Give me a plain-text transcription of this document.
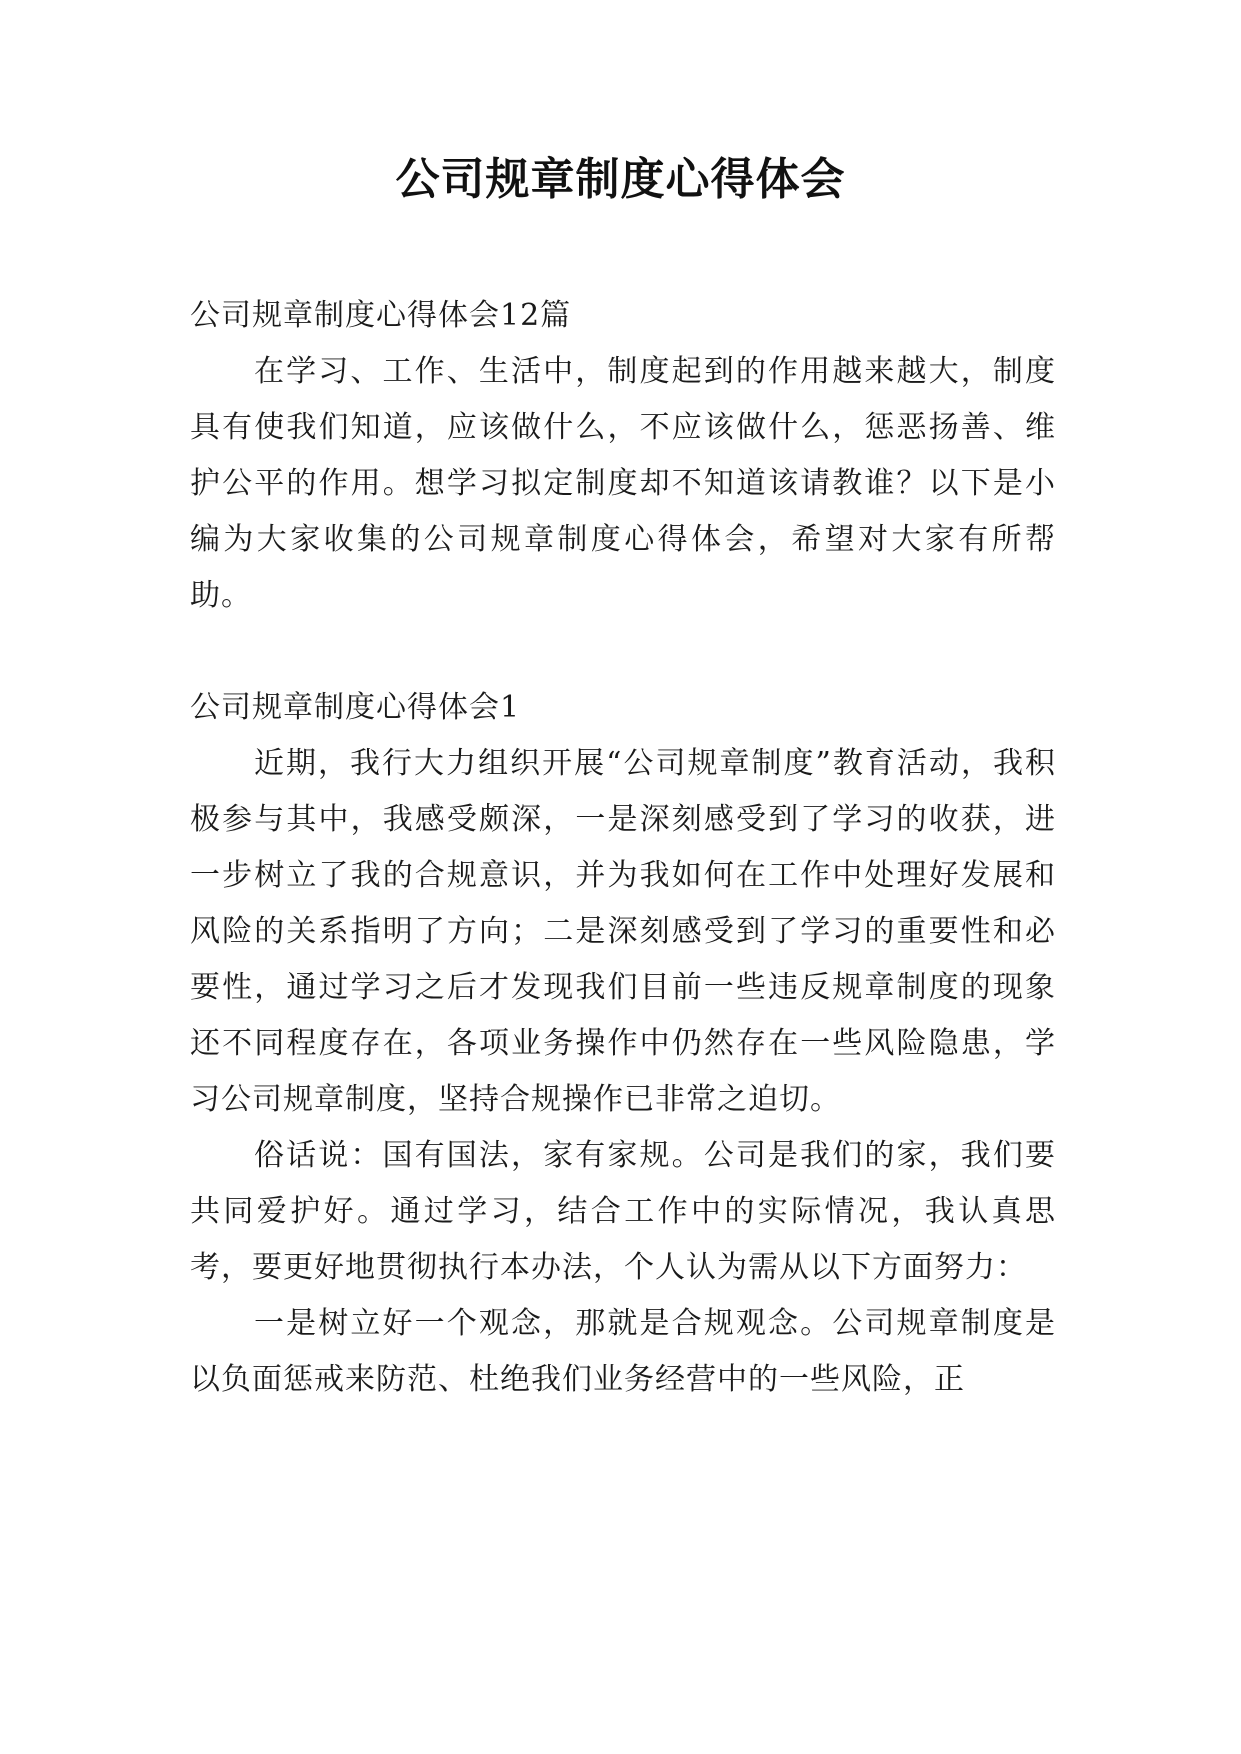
公司规章制度心得体会

公司规章制度心得体会12篇

在学习、工作、生活中，制度起到的作用越来越大，制度具有使我们知道，应该做什么，不应该做什么，惩恶扬善、维护公平的作用。想学习拟定制度却不知道该请教谁？以下是小编为大家收集的公司规章制度心得体会，希望对大家有所帮助。

公司规章制度心得体会1

近期，我行大力组织开展“公司规章制度”教育活动，我积极参与其中，我感受颇深，一是深刻感受到了学习的收获，进一步树立了我的合规意识，并为我如何在工作中处理好发展和风险的关系指明了方向；二是深刻感受到了学习的重要性和必要性，通过学习之后才发现我们目前一些违反规章制度的现象还不同程度存在，各项业务操作中仍然存在一些风险隐患，学习公司规章制度，坚持合规操作已非常之迫切。

俗话说：国有国法，家有家规。公司是我们的家，我们要共同爱护好。通过学习，结合工作中的实际情况，我认真思考，要更好地贯彻执行本办法，个人认为需从以下方面努力：

一是树立好一个观念，那就是合规观念。公司规章制度是以负面惩戒来防范、杜绝我们业务经营中的一些风险，正
